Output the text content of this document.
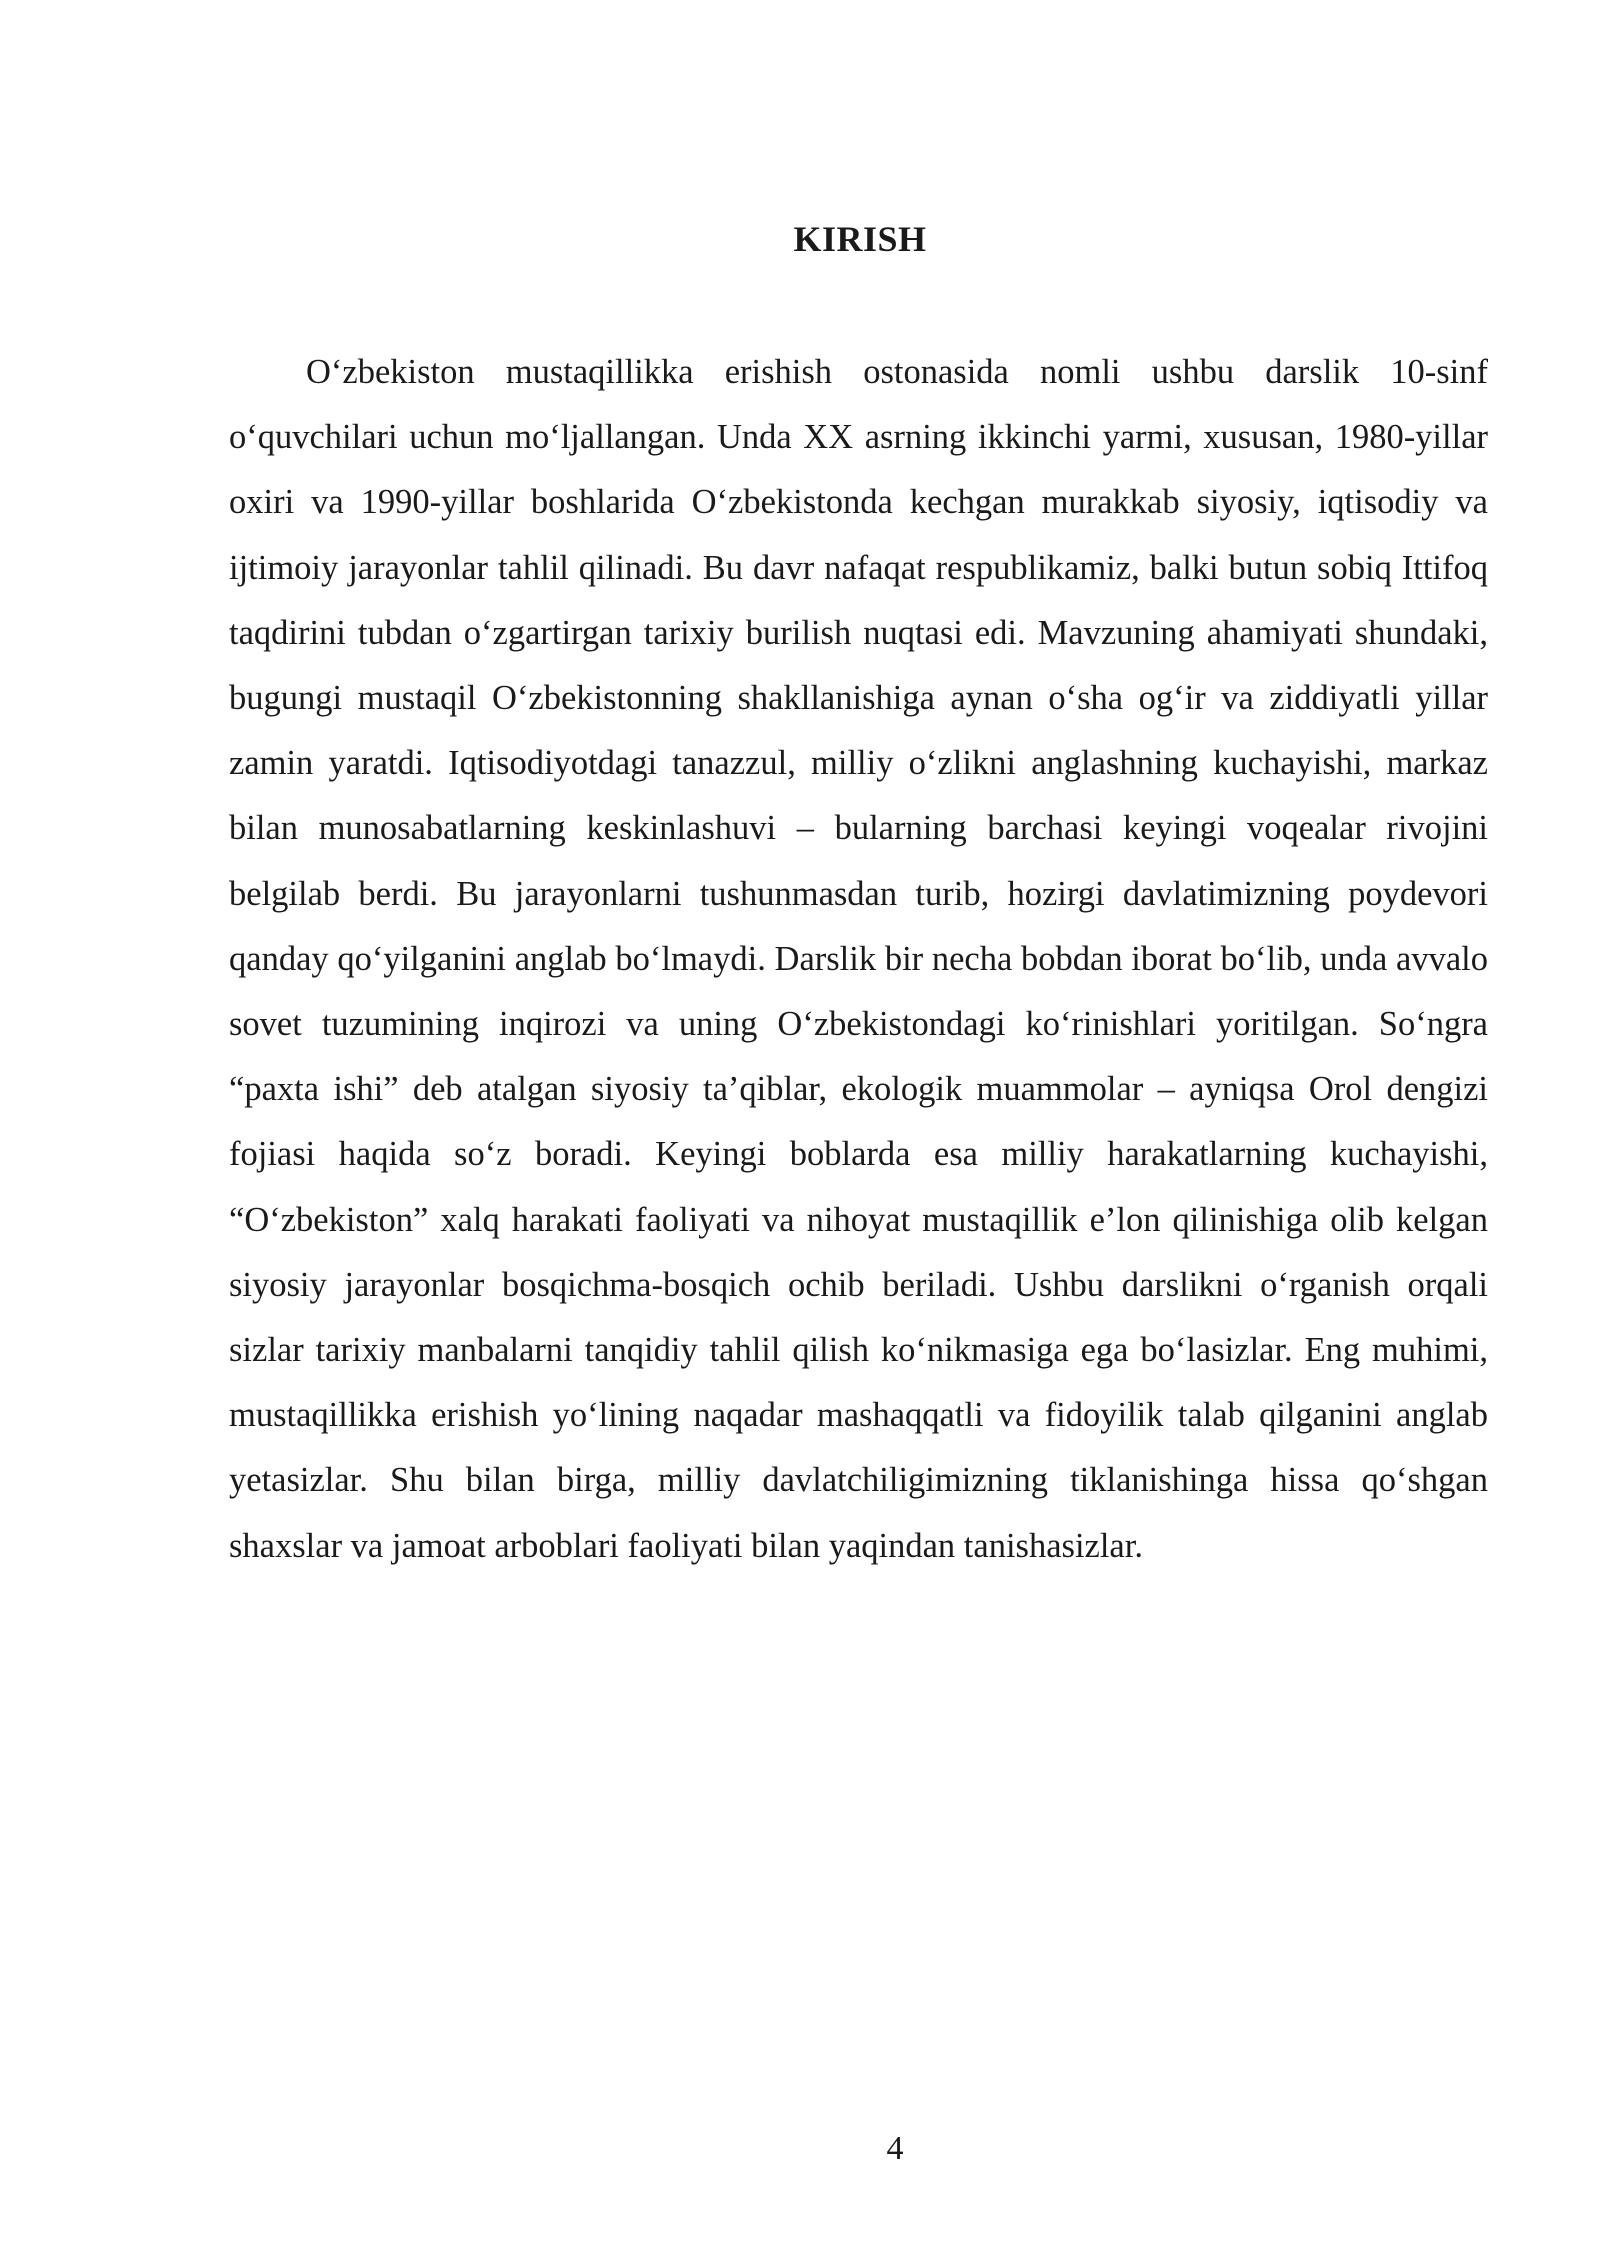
KIRISH

O‘zbekiston mustaqillikka erishish ostonasida nomli ushbu darslik 10-sinf o‘quvchilari uchun mo‘ljallangan. Unda XX asrning ikkinchi yarmi, xususan, 1980-yillar oxiri va 1990-yillar boshlarida O‘zbekistonda kechgan murakkab siyosiy, iqtisodiy va ijtimoiy jarayonlar tahlil qilinadi. Bu davr nafaqat respublikamiz, balki butun sobiq Ittifoq taqdirini tubdan o‘zgartirgan tarixiy burilish nuqtasi edi. Mavzuning ahamiyati shundaki, bugungi mustaqil O‘zbekistonning shakllanishiga aynan o‘sha og‘ir va ziddiyatli yillar zamin yaratdi. Iqtisodiyotdagi tanazzul, milliy o‘zlikni anglashning kuchayishi, markaz bilan munosabatlarning keskinlashuvi – bularning barchasi keyingi voqealar rivojini belgilab berdi. Bu jarayonlarni tushunmasdan turib, hozirgi davlatimizning poydevori qanday qo‘yilganini anglab bo‘lmaydi. Darslik bir necha bobdan iborat bo‘lib, unda avvalo sovet tuzumining inqirozi va uning O‘zbekistondagi ko‘rinishlari yoritilgan. So‘ngra “paxta ishi” deb atalgan siyosiy ta’qiblar, ekologik muammolar – ayniqsa Orol dengizi fojiasi haqida so‘z boradi. Keyingi boblarda esa milliy harakatlarning kuchayishi, “O‘zbekiston” xalq harakati faoliyati va nihoyat mustaqillik e’lon qilinishiga olib kelgan siyosiy jarayonlar bosqichma-bosqich ochib beriladi. Ushbu darslikni o‘rganish orqali sizlar tarixiy manbalarni tanqidiy tahlil qilish ko‘nikmasiga ega bo‘lasizlar. Eng muhimi, mustaqillikka erishish yo‘lining naqadar mashaqqatli va fidoyilik talab qilganini anglab yetasizlar. Shu bilan birga, milliy davlatchiligimizning tiklanishinga hissa qo‘shgan shaxslar va jamoat arboblari faoliyati bilan yaqindan tanishasizlar.

4
